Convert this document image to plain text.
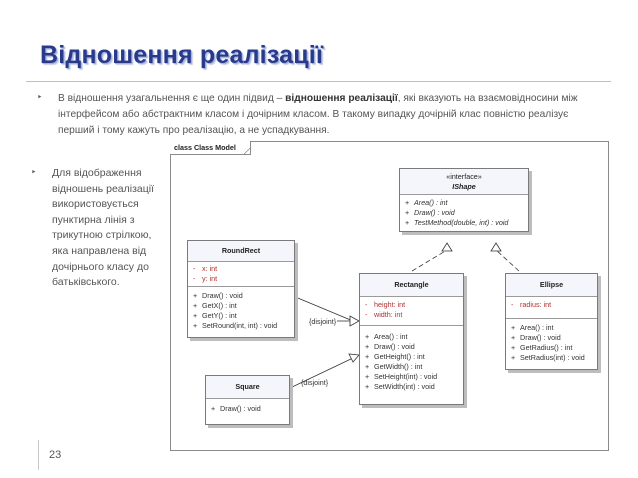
Відношення реалізації
‣ В відношення узагальнення є ще один підвид – відношення реалізації, які вказують на взаємовідносини між інтерфейсом або абстрактним класом і дочірним класом. В такому випадку дочірній клас повністю реалізує перший і тому кажуть про реалізацію, а не успадкування.
‣ Для відображення відношень реалізації використовується пунктирна лінія з трикутною стрілкою, яка направлена від дочірнього класу до батьківського.
23
class Class Model
«interface»
IShape
+ Area() : int
+ Draw() : void
+ TestMethod(double, int) : void
RoundRect
- x: int
- y: int
+ Draw() : void
+ GetX() : int
+ GetY() : int
+ SetRound(int, int) : void
Rectangle
- height: int
- width: int
+ Area() : int
+ Draw() : void
+ GetHeight() : int
+ GetWidth() : int
+ SetHeight(int) : void
+ SetWidth(int) : void
Ellipse
- radius: int
+ Area() : int
+ Draw() : void
+ GetRadius() : int
+ SetRadius(int) : void
Square
+ Draw() : void
{disjoint}
{disjoint}
